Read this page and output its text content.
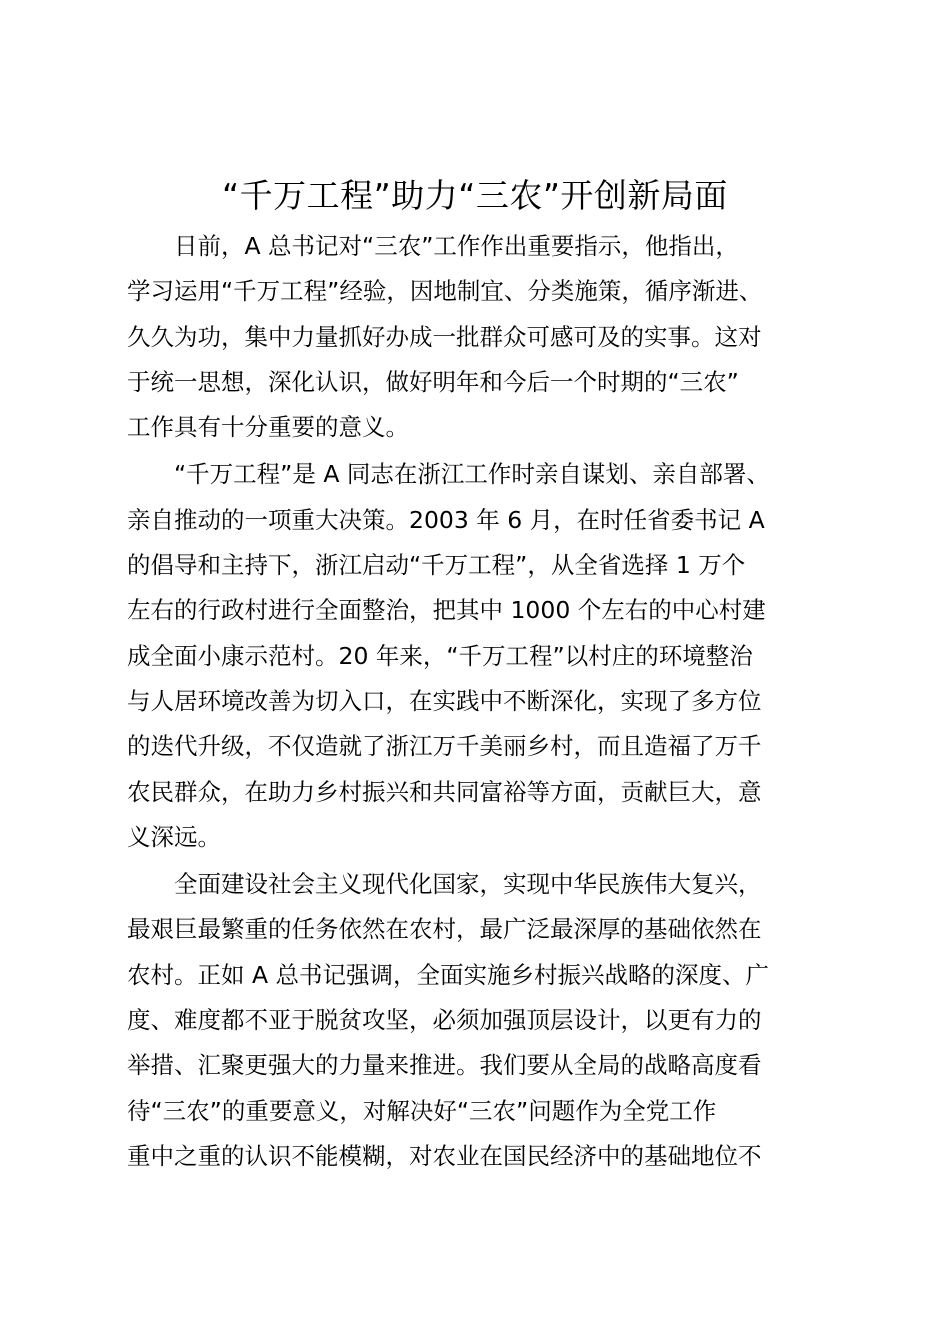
“千万工程”助力“三农”开创新局面
日前，A 总书记对“三农”工作作出重要指示，他指出，
学习运用“千万工程”经验，因地制宜、分类施策，循序渐进、
久久为功，集中力量抓好办成一批群众可感可及的实事。这对
于统一思想，深化认识，做好明年和今后一个时期的“三农”
工作具有十分重要的意义。
“千万工程”是 A 同志在浙江工作时亲自谋划、亲自部署、
亲自推动的一项重大决策。2003 年 6 月，在时任省委书记 A
的倡导和主持下，浙江启动“千万工程”，从全省选择 1 万个
左右的行政村进行全面整治，把其中 1000 个左右的中心村建
成全面小康示范村。20 年来，“千万工程”以村庄的环境整治
与人居环境改善为切入口，在实践中不断深化，实现了多方位
的迭代升级，不仅造就了浙江万千美丽乡村，而且造福了万千
农民群众，在助力乡村振兴和共同富裕等方面，贡献巨大，意
义深远。
全面建设社会主义现代化国家，实现中华民族伟大复兴，
最艰巨最繁重的任务依然在农村，最广泛最深厚的基础依然在
农村。正如 A 总书记强调，全面实施乡村振兴战略的深度、广
度、难度都不亚于脱贫攻坚，必须加强顶层设计，以更有力的
举措、汇聚更强大的力量来推进。我们要从全局的战略高度看
待“三农”的重要意义，对解决好“三农”问题作为全党工作
重中之重的认识不能模糊，对农业在国民经济中的基础地位不
